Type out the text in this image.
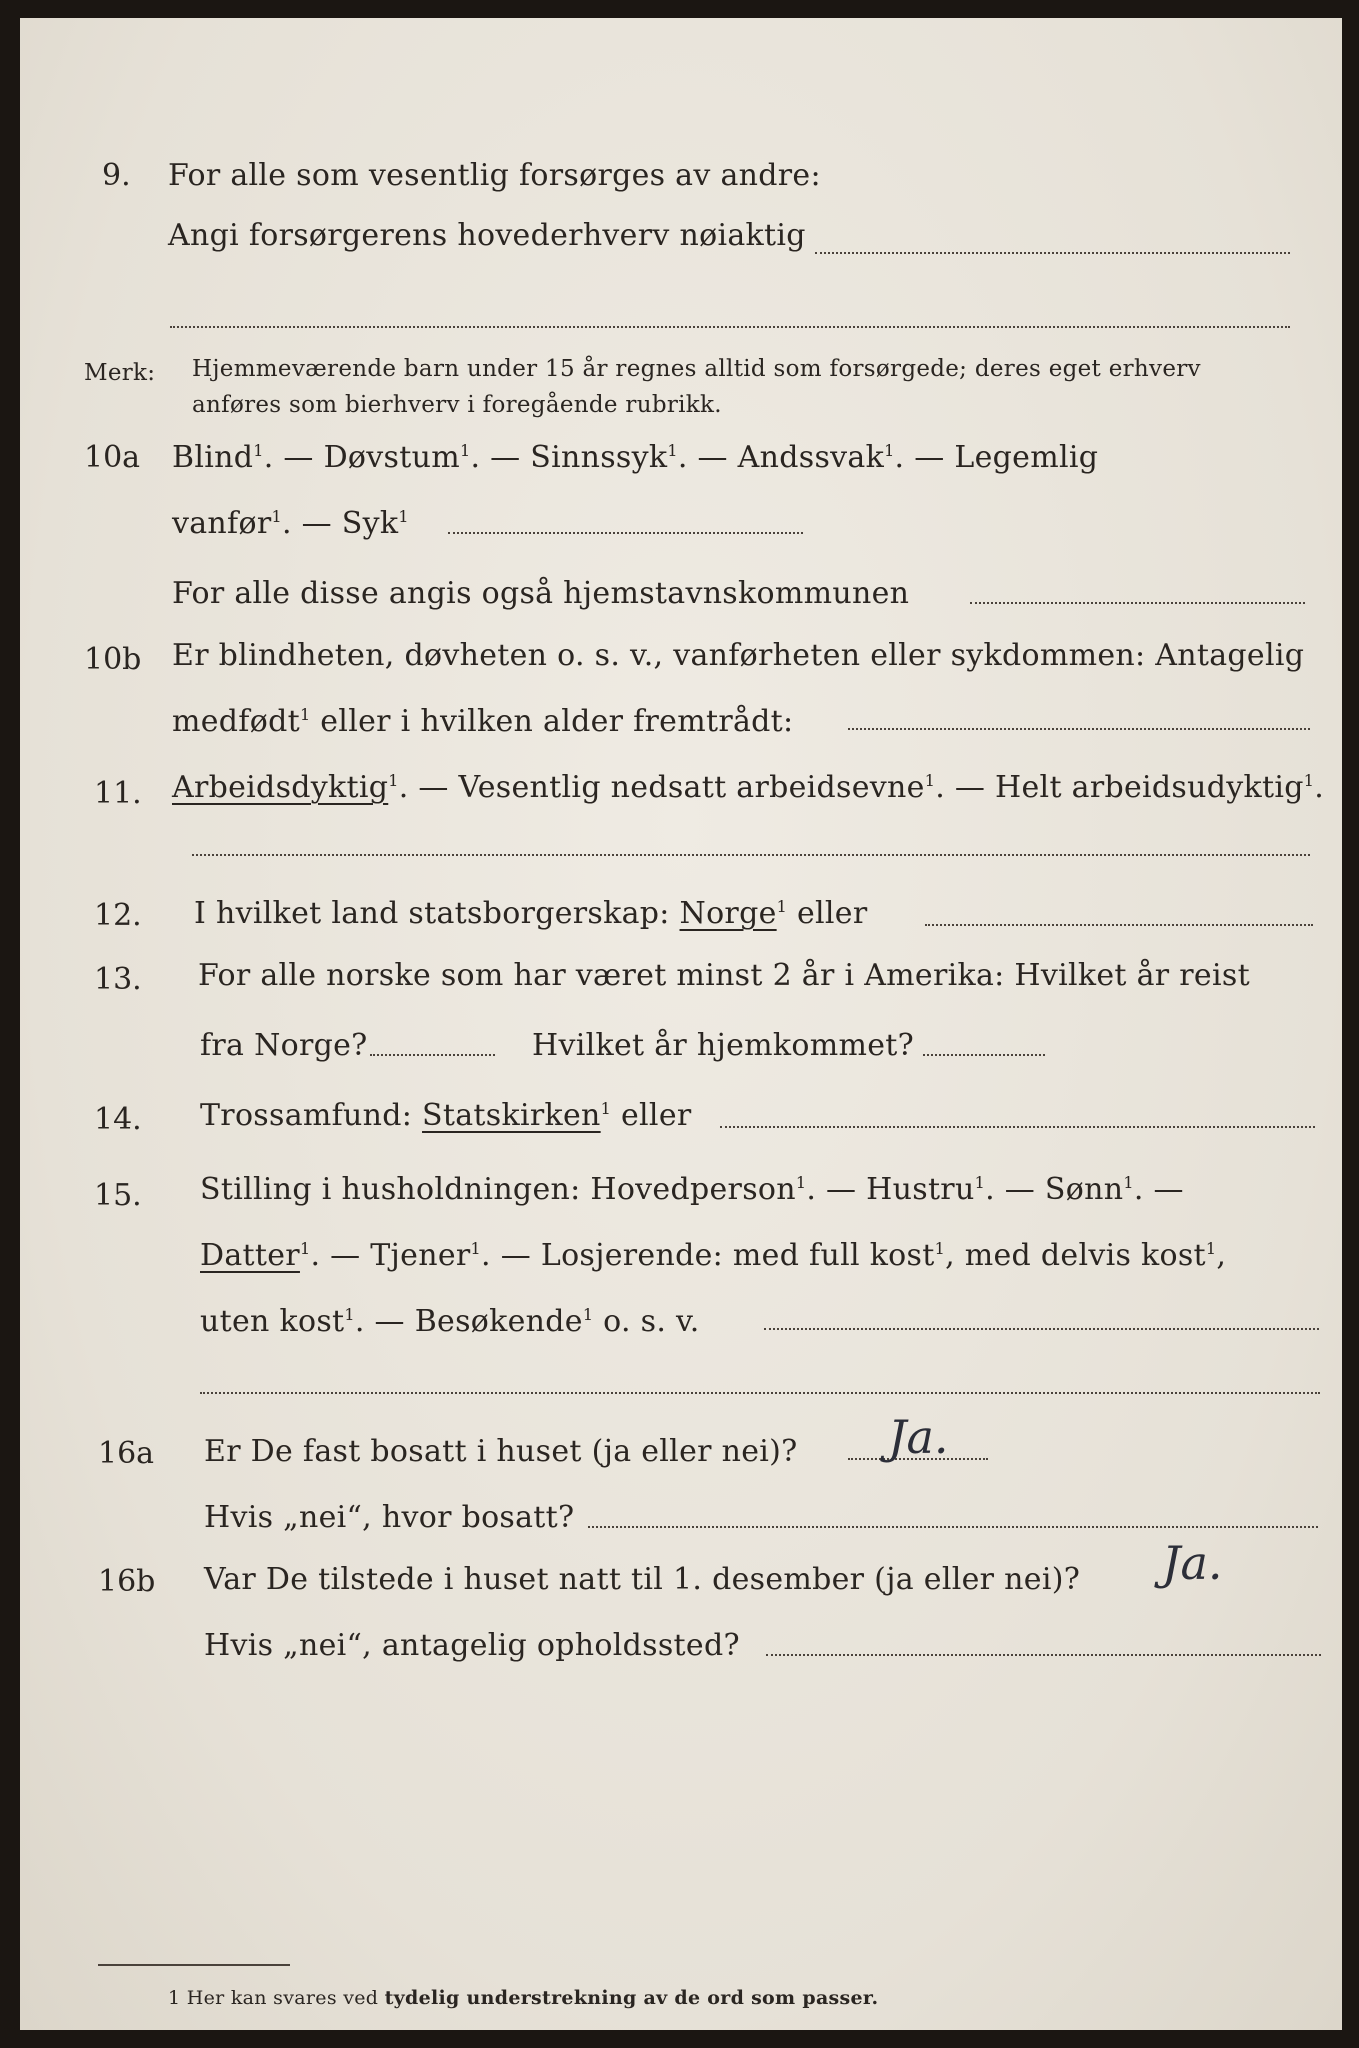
9. For alle som vesentlig forsørges av andre:
Angi forsørgerens hovederhverv nøiaktig
Merk: Hjemmeværende barn under 15 år regnes alltid som forsørgede; deres eget erhverv
anføres som bierhverv i foregående rubrikk.
10a Blind$^1$. — Døvstum$^1$. — Sinnssyk$^1$. — Andssvak$^1$. — Legemlig
vanfør$^1$. — Syk$^1$
For alle disse angis også hjemstavnskommunen
10b Er blindheten, døvheten o. s. v., vanførheten eller sykdommen: Antagelig
medfødt$^1$ eller i hvilken alder fremtrådt:
11. Arbeidsdyktig$^1$. — Vesentlig nedsatt arbeidsevne$^1$. — Helt arbeidsudyktig$^1$.
12. I hvilket land statsborgerskap: Norge$^1$ eller
13. For alle norske som har været minst 2 år i Amerika: Hvilket år reist
fra Norge?	Hvilket år hjemkommet?
14. Trossamfund: Statskirken$^1$ eller
15. Stilling i husholdningen: Hovedperson$^1$. — Hustru$^1$. — Sønn$^1$. —
Datter$^1$. — Tjener$^1$. — Losjerende: med full kost$^1$, med delvis kost$^1$,
uten kost$^1$. — Besøkende$^1$ o. s. v.
16a Er De fast bosatt i huset (ja eller nei)? Ja.
Hvis „nei“, hvor bosatt?
16b Var De tilstede i huset natt til 1. desember (ja eller nei)? Ja.
Hvis „nei“, antagelig opholdssted?
1 Her kan svares ved tydelig understrekning av de ord som passer.
